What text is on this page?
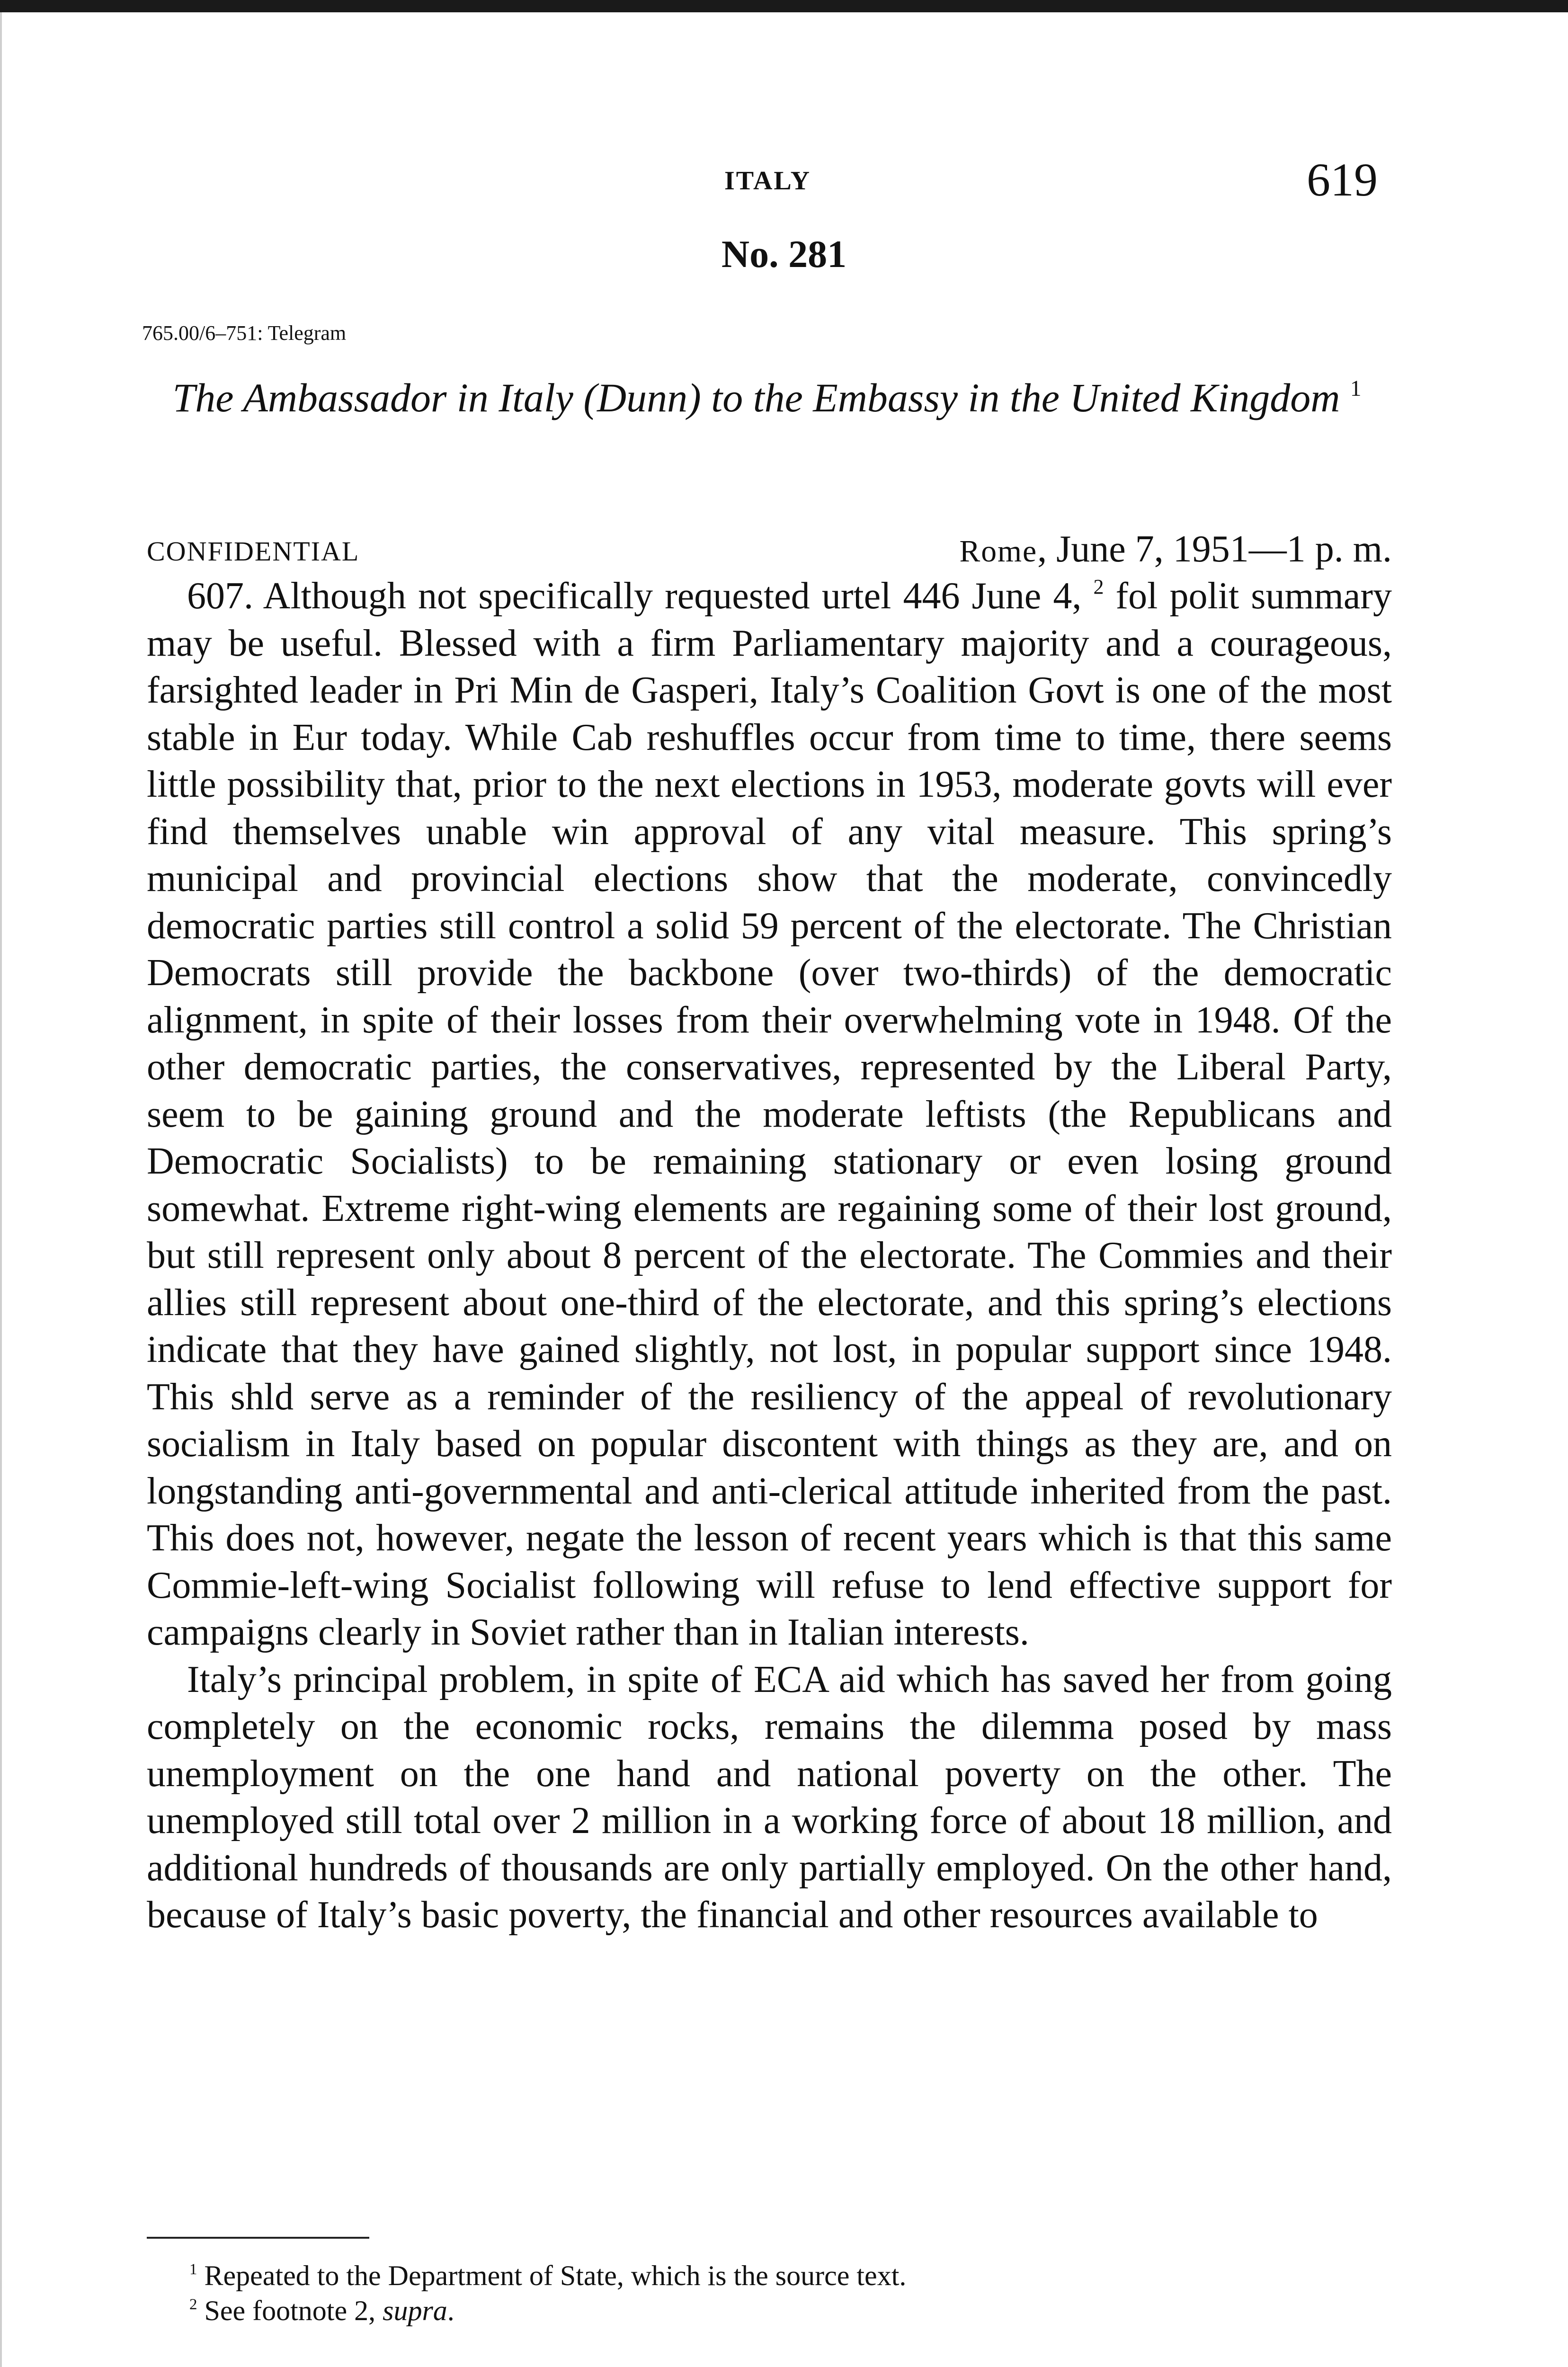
ITALY	619
No. 281
765.00/6–751: Telegram
The Ambassador in Italy (Dunn) to the Embassy in the United Kingdom $^1$
CONFIDENTIAL	Rome, June 7, 1951—1 p. m.

607. Although not specifically requested urtel 446 June 4, $^2$ fol polit summary may be useful. Blessed with a firm Parliamentary majority and a courageous, farsighted leader in Pri Min de Gasperi, Italy’s Coalition Govt is one of the most stable in Eur today. While Cab reshuffles occur from time to time, there seems little possibility that, prior to the next elections in 1953, moderate govts will ever find themselves unable win approval of any vital measure. This spring’s municipal and provincial elections show that the moderate, convincedly democratic parties still control a solid 59 percent of the electorate. The Christian Democrats still provide the backbone (over two-thirds) of the democratic alignment, in spite of their losses from their overwhelming vote in 1948. Of the other democratic parties, the conservatives, represented by the Liberal Party, seem to be gaining ground and the moderate leftists (the Republicans and Democratic Socialists) to be remaining stationary or even losing ground somewhat. Extreme right-wing elements are regaining some of their lost ground, but still represent only about 8 percent of the electorate. The Commies and their allies still represent about one-third of the electorate, and this spring’s elections indicate that they have gained slightly, not lost, in popular support since 1948. This shld serve as a reminder of the resiliency of the appeal of revolutionary socialism in Italy based on popular discontent with things as they are, and on longstanding anti-governmental and anti-clerical attitude inherited from the past. This does not, however, negate the lesson of recent years which is that this same Commie-left-wing Socialist following will refuse to lend effective support for campaigns clearly in Soviet rather than in Italian interests.

Italy’s principal problem, in spite of ECA aid which has saved her from going completely on the economic rocks, remains the dilemma posed by mass unemployment on the one hand and national poverty on the other. The unemployed still total over 2 million in a working force of about 18 million, and additional hundreds of thousands are only partially employed. On the other hand, because of Italy’s basic poverty, the financial and other resources available to

$^1$ Repeated to the Department of State, which is the source text.

$^2$ See footnote 2, supra.
